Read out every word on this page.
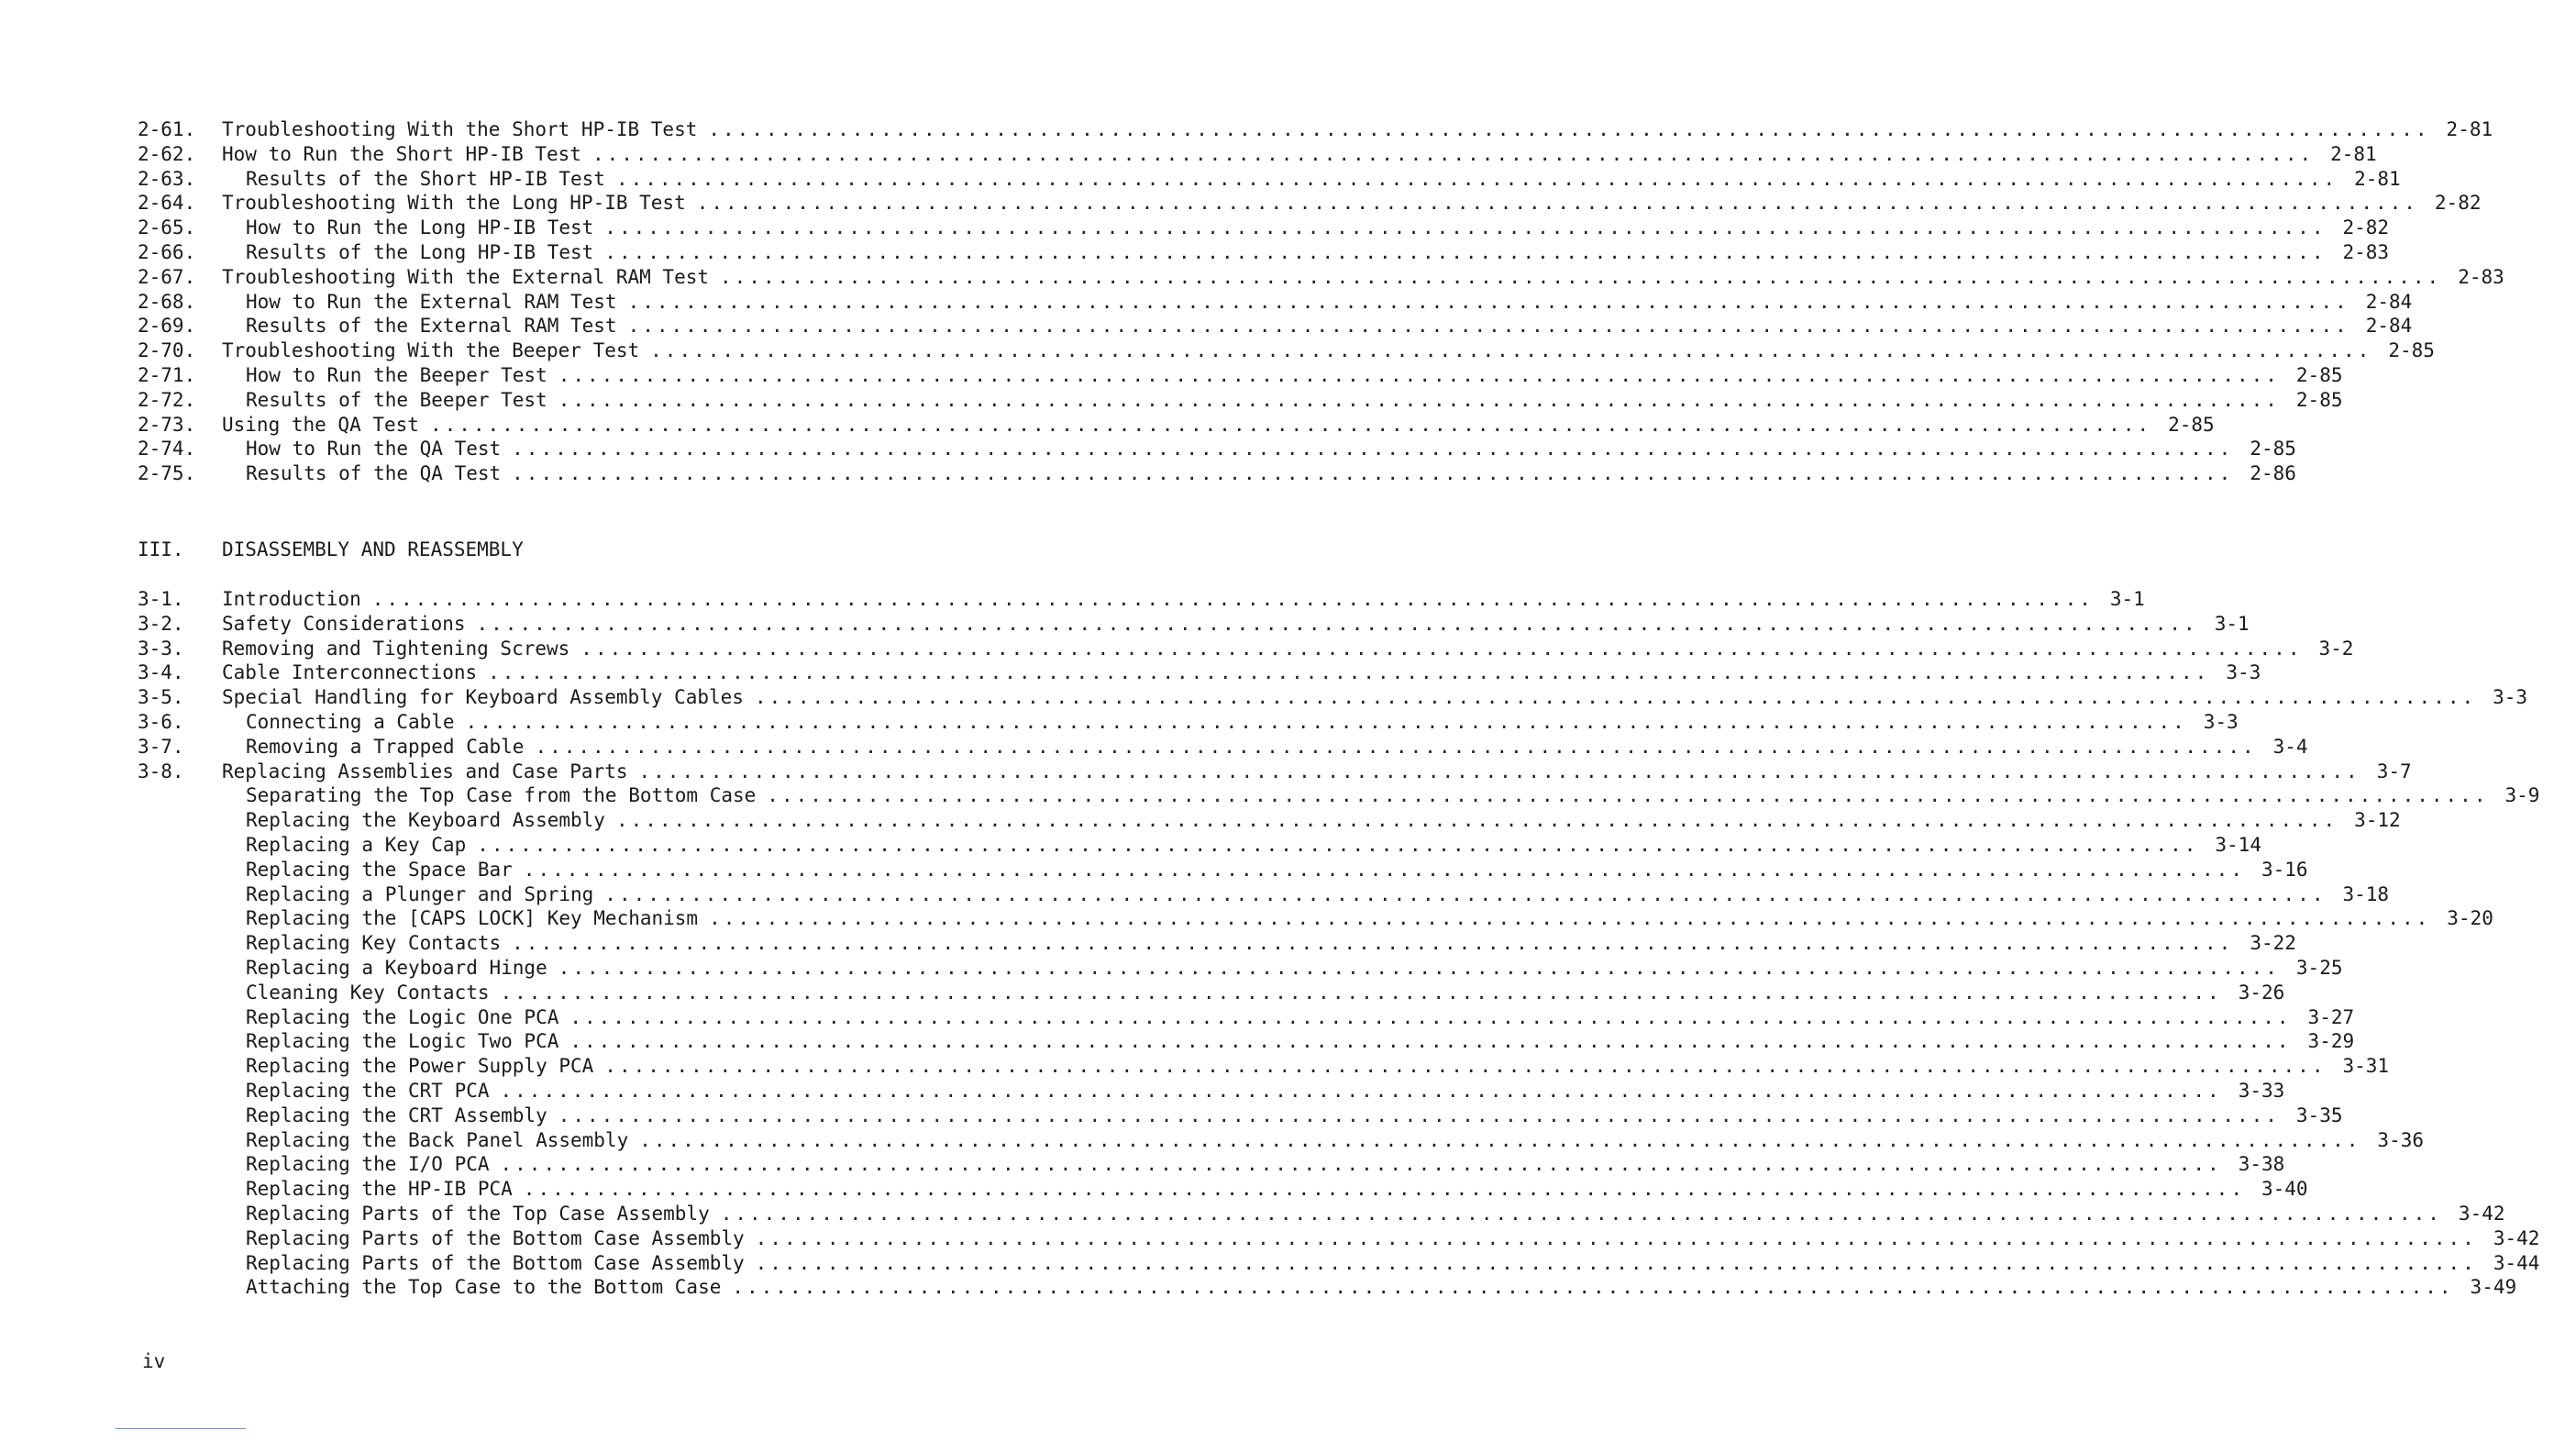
2-61.	Troubleshooting With the Short HP-IB Test ........................................................................................................................ 2-81
2-62.	How to Run the Short HP-IB Test ........................................................................................................................ 2-81
2-63.	Results of the Short HP-IB Test ........................................................................................................................ 2-81
2-64.	Troubleshooting With the Long HP-IB Test ........................................................................................................................ 2-82
2-65.	How to Run the Long HP-IB Test ........................................................................................................................ 2-82
2-66.	Results of the Long HP-IB Test ........................................................................................................................ 2-83
2-67.	Troubleshooting With the External RAM Test ........................................................................................................................ 2-83
2-68.	How to Run the External RAM Test ........................................................................................................................ 2-84
2-69.	Results of the External RAM Test ........................................................................................................................ 2-84
2-70.	Troubleshooting With the Beeper Test ........................................................................................................................ 2-85
2-71.	How to Run the Beeper Test ........................................................................................................................ 2-85
2-72.	Results of the Beeper Test ........................................................................................................................ 2-85
2-73.	Using the QA Test ........................................................................................................................ 2-85
2-74.	How to Run the QA Test ........................................................................................................................ 2-85
2-75.	Results of the QA Test ........................................................................................................................ 2-86
III.	DISASSEMBLY AND REASSEMBLY
3-1.	Introduction ........................................................................................................................ 3-1
3-2.	Safety Considerations ........................................................................................................................ 3-1
3-3.	Removing and Tightening Screws ........................................................................................................................ 3-2
3-4.	Cable Interconnections ........................................................................................................................ 3-3
3-5.	Special Handling for Keyboard Assembly Cables ........................................................................................................................ 3-3
3-6.	Connecting a Cable ........................................................................................................................ 3-3
3-7.	Removing a Trapped Cable ........................................................................................................................ 3-4
3-8.	Replacing Assemblies and Case Parts ........................................................................................................................ 3-7
Separating the Top Case from the Bottom Case ........................................................................................................................ 3-9
Replacing the Keyboard Assembly ........................................................................................................................ 3-12
Replacing a Key Cap ........................................................................................................................ 3-14
Replacing the Space Bar ........................................................................................................................ 3-16
Replacing a Plunger and Spring ........................................................................................................................ 3-18
Replacing the [CAPS LOCK] Key Mechanism ........................................................................................................................ 3-20
Replacing Key Contacts ........................................................................................................................ 3-22
Replacing a Keyboard Hinge ........................................................................................................................ 3-25
Cleaning Key Contacts ........................................................................................................................ 3-26
Replacing the Logic One PCA ........................................................................................................................ 3-27
Replacing the Logic Two PCA ........................................................................................................................ 3-29
Replacing the Power Supply PCA ........................................................................................................................ 3-31
Replacing the CRT PCA ........................................................................................................................ 3-33
Replacing the CRT Assembly ........................................................................................................................ 3-35
Replacing the Back Panel Assembly ........................................................................................................................ 3-36
Replacing the I/O PCA ........................................................................................................................ 3-38
Replacing the HP-IB PCA ........................................................................................................................ 3-40
Replacing Parts of the Top Case Assembly ........................................................................................................................ 3-42
Replacing Parts of the Bottom Case Assembly ........................................................................................................................ 3-42
Replacing Parts of the Bottom Case Assembly ........................................................................................................................ 3-44
Attaching the Top Case to the Bottom Case ........................................................................................................................ 3-49
iv
